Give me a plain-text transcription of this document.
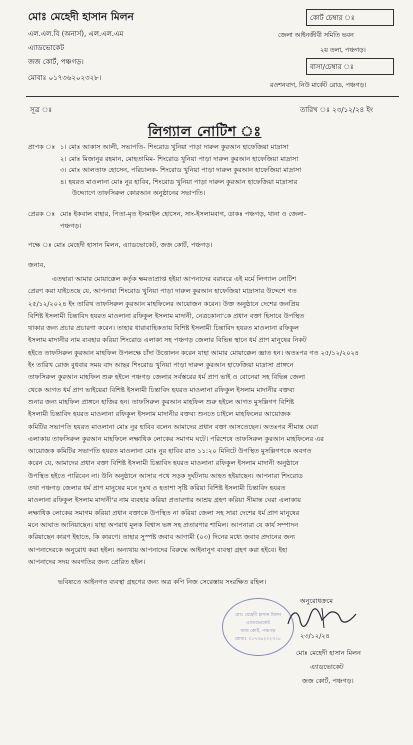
মোঃ মেহেদী হাসান মিলন
এল.এল.বি (অনার্স), এল.এল.এম
এ্যাডভোকেট
জজ কোর্ট, পঞ্চগড়।
মোবাঃ ০১৭৩৬২০২৩২৮।
কোর্ট চেম্বার ঃ
জেলা আইনজীবী সমিতি ভবন
২য় তলা, পঞ্চগড়।
বাসা/চেম্বার ঃ
রওশনবাগ, নিউ মার্কেট রোড, পঞ্চগড়।
সূত্র ঃ	তারিখ ঃ ২৩/১২/২৪ ইং
লিগ্যাল নোটিশ ঃ
প্রাপক ঃ ১। মোঃ আকাস আলী, সভাপতি- শিংরোড খুনিয়া পাড়া দারুল কুরআন হাফেজিয়া মাদ্রাসা
২। মোঃ মিজানুর রহমান, মোহতামিম- শিংরোড খুনিয়া পাড়া দারুল কুরআন হাফেজিয়া মাদ্রাসা
৩। মোঃ আলতাফ হোসেন, পরিচালক- শিংরোড খুনিয়া পাড়া দারুল কুরআন হাফেজিয়া মাদ্রাসা
৪। হযরত মাওলানা মোঃ নুর হাবিব, শিংরোড খুনিয়া পাড়া দারুল কুরআন হাফেজিয়া মাদ্রাসার
উদ্দ্যোগে তাফসিরুল কোরআন অনুষ্ঠানের সভাপতি।
প্রেরক ঃ মোঃ ইকবাল বাহার, পিতা-মৃত ইসমাইল হোসেন, সাং-ইসলামবাগ, ডাকঃ পঞ্চগড়, থানা ও জেলা-
পঞ্চগড়।
পক্ষে ঃ মোঃ মেহেদী হাসান মিলন, এ্যাডভোকেট, জজ কোর্ট, পঞ্চগড়।
জনাব,
এতদ্বারা আমার মোয়াক্কেল কর্তৃক ক্ষমতাপ্রাপ্ত হইয়া আপনাদের বরাবরে এই মর্মে লিগ্যাল নোটিশ
প্রেরণ করা যাইতেছে যে, আপনারা শিংরোড খুনিয়া পাড়া দারুল কুরআন হাফেজিয়া মাদ্রাসার উদ্দেশে গত
২৫/১২/২০২৪ ইং তারিখ তাফসিরুল কুরআন মাহফিলের আয়োজন করেন। উক্ত অনুষ্ঠানে দেশের জনপ্রিয়
বিশিষ্ট ইসলামী চিন্তাবিদ হযরত মাওলানা রফিকুল ইসলাম মাদানী, নেত্রকোনা'কে প্রধান বক্তা হিসাবে উপস্থিত
থাকার জন্য প্রচার প্রচারণা করেন। তাহার ধারাবাহিকতায় বিশিষ্ট ইসলামী চিন্তাবিদ হযরত মাওলানা রফিকুল
ইসলাম মাদানীর নাম ব্যবহার করিয়া শিংরোড এলাকা সহ পঞ্চগড় জেলার বিভিন্ন স্থানে ধর্ম প্রাণ মানুষের নিকট
হইতে তাফসিরুল কুরআন মাহফিল উপলক্ষে চাঁদা উত্তোলন করেন যাহা আমার মোয়াক্কেল জ্ঞাত হন। অতঃপর গত ২৫/১২/২০২৪
ইং তারিখ রোজ বুধবার সময় বাদ আছর শিংরোড খুনিয়া পাড়া দারুল কুরআন হাফেজিয়া মাদ্রাসা প্রাঙ্গনে
তাফসিরুল কুরআন মাহফিল শুরু হইলে পঞ্চগড় জেলার সর্বস্তরের ধর্ম প্রাণ ভাই ও বোনেরা সহ বিভিন্ন জেলা
থেকে আগত ধর্ম প্রাণ ভাইয়েরা বিশিষ্ট ইসলামী চিন্তাবিদ হযরত মাওলানা রফিকুল ইসলাম মাদানীর বক্তব্য
শুনার জন্য মাহফিল প্রাঙ্গনে হাজির হন। তাফসিরুল কুরআন মাহফিল শুরু হইলে আগত মুসল্লিগণ বিশিষ্ট
ইসলামী চিন্তাবিদ হযরত মাওলানা রফিকুল ইসলাম মাদানীর বক্তব্য শুনতে চাইলে মাহফিলের আয়োজক
কমিটির সভাপতি হযরত মাওলানা মোঃ নুর হাবিব বলেন আমাদের প্রধান বক্তা আসতেছেন। অতঃপর সীমান্ত ঘেরা
এলাকায় তাফসিরুল কুরআন মাহফিলে লক্ষাধিক লোকের সমাগম ঘটে। পরিশেষে তাফসিরুল কুরআন মাহফিলের এর
আয়োজক কমিটির সভাপতি হযরত মাওলানা মোঃ নুর হাবিব রাত ১১:২০ মিনিটে উপস্থিত মুসল্লিগণকে অবগত
করেন যে, আমাদের প্রধান বক্তা বিশিষ্ট ইসলামী চিন্তাবিদ হযরত মাওলানা রফিকুল ইসলাম মাদানী অনুষ্ঠানে
উপস্থিত হইতে পারিবেন না। উনি অনুষ্ঠানে আসার পথে সড়ক দুর্ঘটনায় আহত হইয়াছেন। আপনারা শিংরোড
তথা পঞ্চগড় জেলার ধর্ম প্রাণ মানুষের মনে দুঃখ ও হতাশা সৃষ্টি করিয়া বিশিষ্ট ইসলামী চিন্তাবিদ হযরত
মাওলানা রফিকুল ইসলাম মাদানী'র নাম ব্যবহার করিয়া প্রতারণার আশ্রয় গ্রহণ করিয়া সীমান্ত ঘেরা এলাকায়
লক্ষাধিক লোকের সমাগম করিয়া প্রধান বক্তাকে উপস্থিত না করিয়া জেলা সহ সারা দেশের ধর্ম প্রাণ মানুষের
মনে আঘাত আনিয়াছেন। যাহা অপরাধ মূলক বিশ্বাস ভঙ্গ সহ প্রতারণার শামিল। আপনারা যে কার্য সম্পাদন
করিয়াছেন কারণ ইহাতে, কি কারণে। তাহার সুস্পষ্ট জবাব আগামী (০৩) দিনের মধ্যে জবাব প্রদানের জন্য
আপনাদেরকে অনুরোধ করা হইল। অন্যথায় আপনাদের বিরুদ্ধে আইনানুগ ব্যবস্থা গ্রহণ করা হইবে। ইহা
আপনাদের সদয় অবগতির জন্য প্রেরিত হইল।
ভবিষ্যতে আইনগত ব্যবস্থা গ্রহণের জন্য অত্র কপি নিজ সেরেস্তায় সংরক্ষিত রহিল।
মোঃ মেহেদী হাসান মিলন
এ্যাডভোকেট
জজ কোর্ট, পঞ্চগড়
মোবাঃ ০১৭৩৬২০২৩২৮
অনুরোধক্রমে
২৩/১২/২৪
মোঃ মেহেদী হাসান মিলন
এ্যাডভোকেট
জজ কোর্ট, পঞ্চগড়।
